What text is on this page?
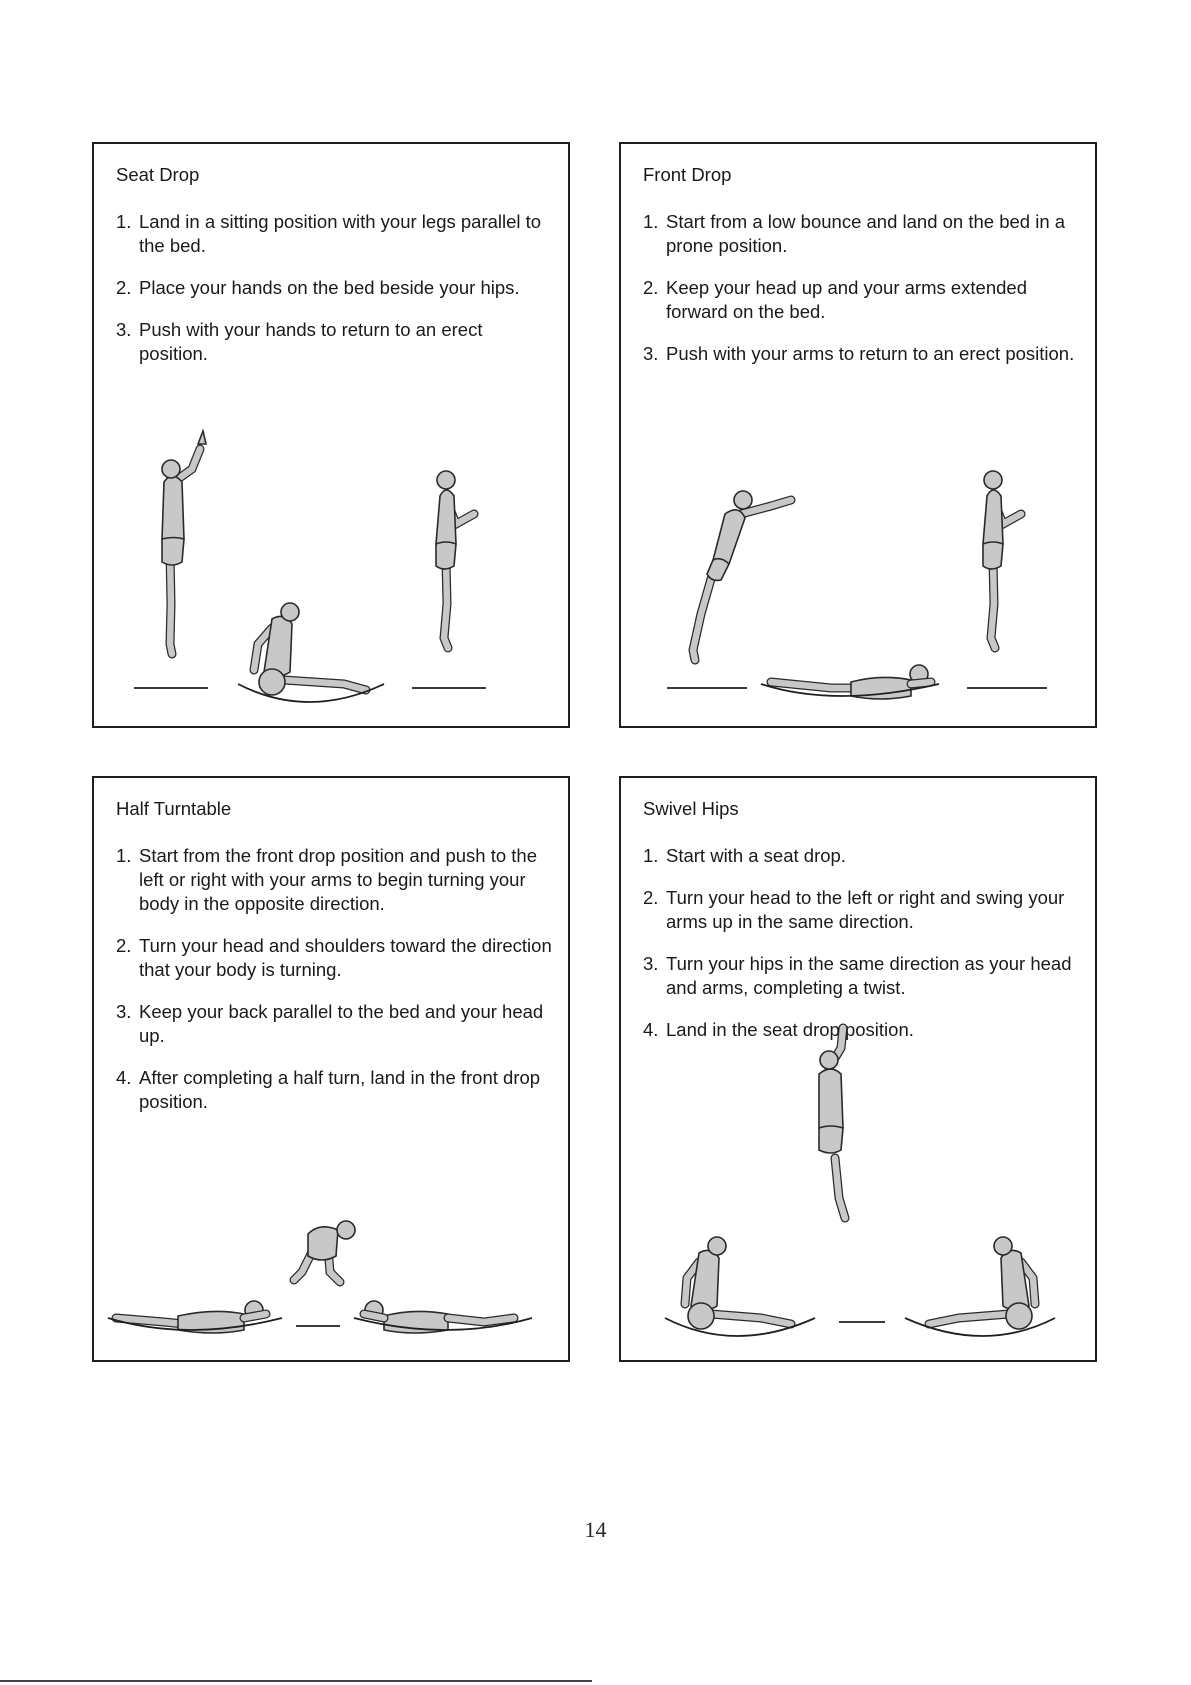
Seat Drop
1. Land in a sitting position with your legs parallel to the bed.
2. Place your hands on the bed beside your hips.
3. Push with your hands to return to an erect position.
Front Drop
1. Start from a low bounce and land on the bed in a prone position.
2. Keep your head up and your arms extended forward on the bed.
3. Push with your arms to return to an erect position.
Half Turntable
1. Start from the front drop position and push to the left or right with your arms to begin turning your body in the opposite direction.
2. Turn your head and shoulders toward the direction that your body is turning.
3. Keep your back parallel to the bed and your head up.
4. After completing a half turn, land in the front drop position.
Swivel Hips
1. Start with a seat drop.
2. Turn your head to the left or right and swing your arms up in the same direction.
3. Turn your hips in the same direction as your head and arms, completing a twist.
4. Land in the seat drop position.
14
